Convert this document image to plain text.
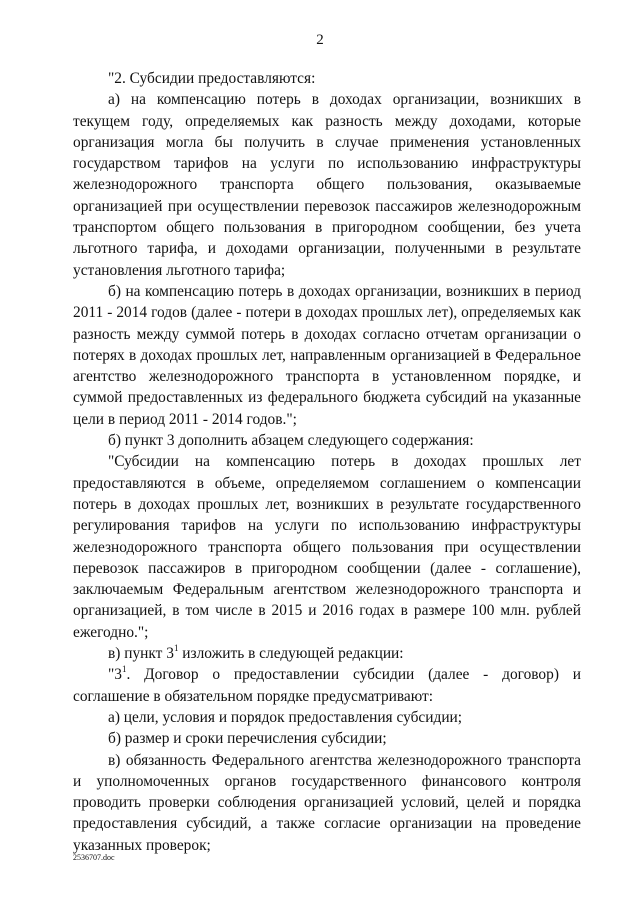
2

"2. Субсидии предоставляются:

а) на компенсацию потерь в доходах организации, возникших в текущем году, определяемых как разность между доходами, которые организация могла бы получить в случае применения установленных государством тарифов на услуги по использованию инфраструктуры железнодорожного транспорта общего пользования, оказываемые организацией при осуществлении перевозок пассажиров железнодорожным транспортом общего пользования в пригородном сообщении, без учета льготного тарифа, и доходами организации, полученными в результате установления льготного тарифа;

б) на компенсацию потерь в доходах организации, возникших в период 2011 - 2014 годов (далее - потери в доходах прошлых лет), определяемых как разность между суммой потерь в доходах согласно отчетам организации о потерях в доходах прошлых лет, направленным организацией в Федеральное агентство железнодорожного транспорта в установленном порядке, и суммой предоставленных из федерального бюджета субсидий на указанные цели в период 2011 - 2014 годов.";

б) пункт 3 дополнить абзацем следующего содержания:

"Субсидии на компенсацию потерь в доходах прошлых лет предоставляются в объеме, определяемом соглашением о компенсации потерь в доходах прошлых лет, возникших в результате государственного регулирования тарифов на услуги по использованию инфраструктуры железнодорожного транспорта общего пользования при осуществлении перевозок пассажиров в пригородном сообщении (далее - соглашение), заключаемым Федеральным агентством железнодорожного транспорта и организацией, в том числе в 2015 и 2016 годах в размере 100 млн. рублей ежегодно.";

в) пункт $3^1$ изложить в следующей редакции:

"$3^1$. Договор о предоставлении субсидии (далее - договор) и соглашение в обязательном порядке предусматривают:

а) цели, условия и порядок предоставления субсидии;

б) размер и сроки перечисления субсидии;

в) обязанность Федерального агентства железнодорожного транспорта и уполномоченных органов государственного финансового контроля проводить проверки соблюдения организацией условий, целей и порядка предоставления субсидий, а также согласие организации на проведение указанных проверок;

2536707.doc
